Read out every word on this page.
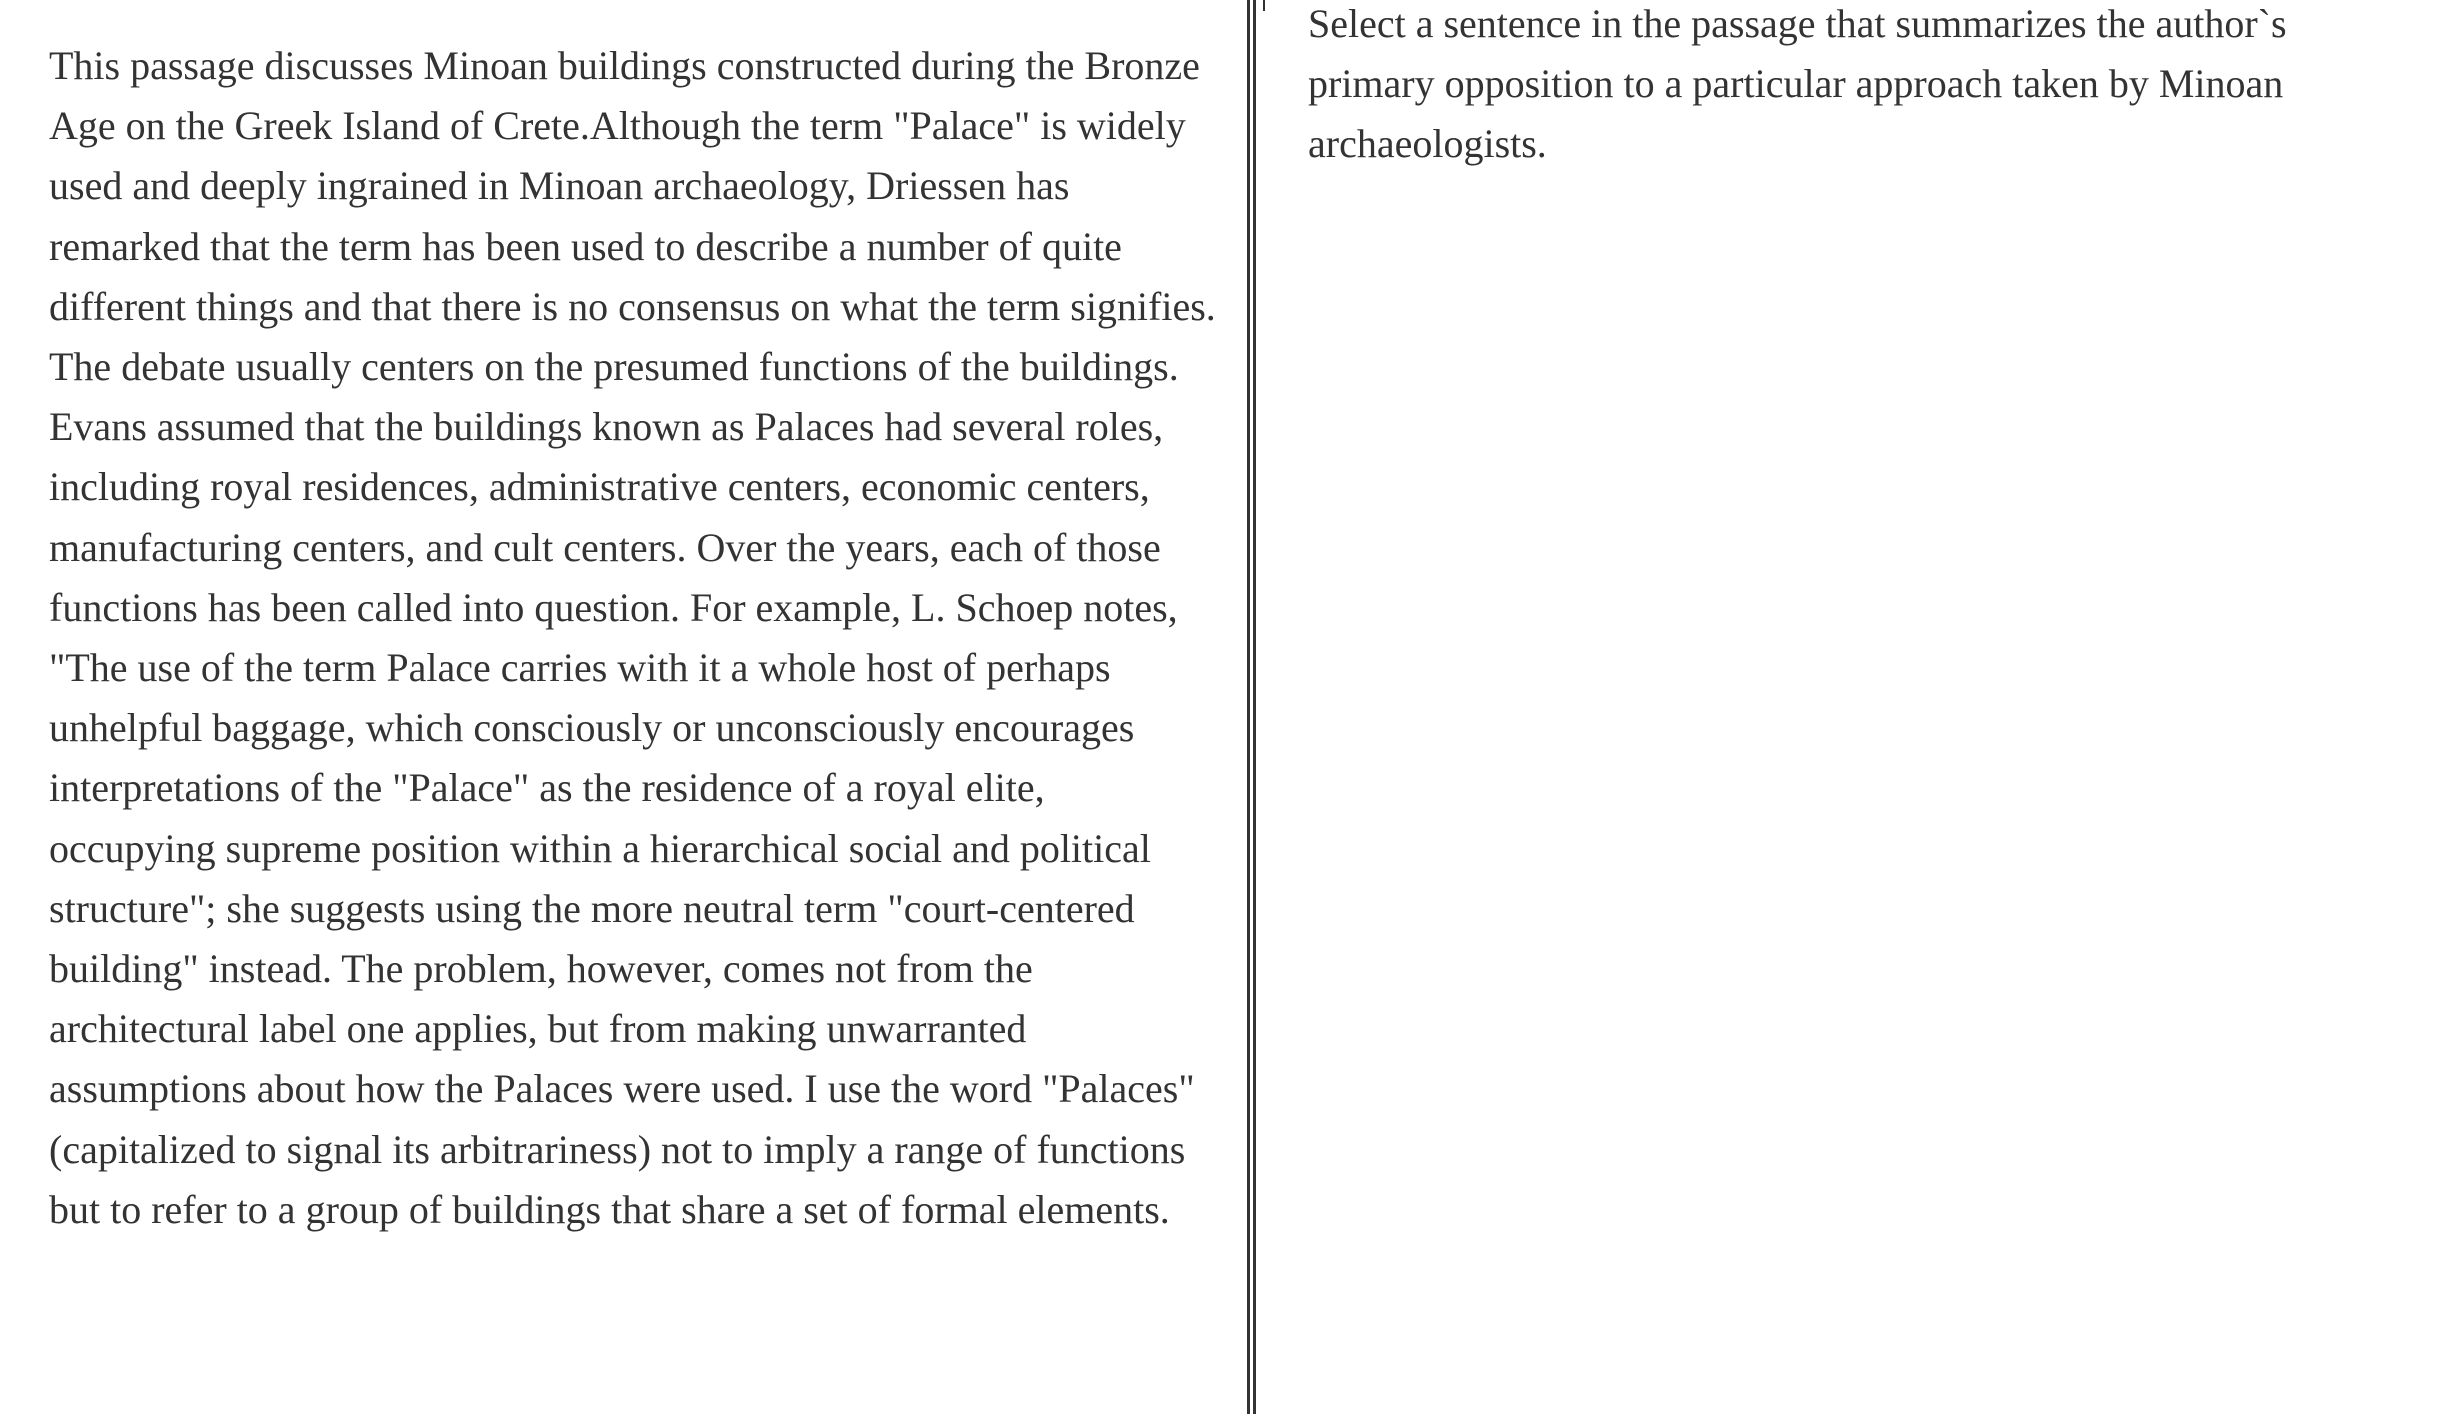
This passage discusses Minoan buildings constructed during the Bronze Age on the Greek Island of Crete.Although the term "Palace" is widely used and deeply ingrained in Minoan archaeology, Driessen has remarked that the term has been used to describe a number of quite different things and that there is no consensus on what the term signifies. The debate usually centers on the presumed functions of the buildings. Evans assumed that the buildings known as Palaces had several roles, including royal residences, administrative centers, economic centers, manufacturing centers, and cult centers. Over the years, each of those functions has been called into question. For example, L. Schoep notes, "The use of the term Palace carries with it a whole host of perhaps unhelpful baggage, which consciously or unconsciously encourages interpretations of the "Palace" as the residence of a royal elite, occupying supreme position within a hierarchical social and political structure"; she suggests using the more neutral term "court-centered building" instead. The problem, however, comes not from the architectural label one applies, but from making unwarranted assumptions about how the Palaces were used. I use the word "Palaces" (capitalized to signal its arbitrariness) not to imply a range of functions but to refer to a group of buildings that share a set of formal elements.

Select a sentence in the passage that summarizes the author`s primary opposition to a particular approach taken by Minoan archaeologists.
